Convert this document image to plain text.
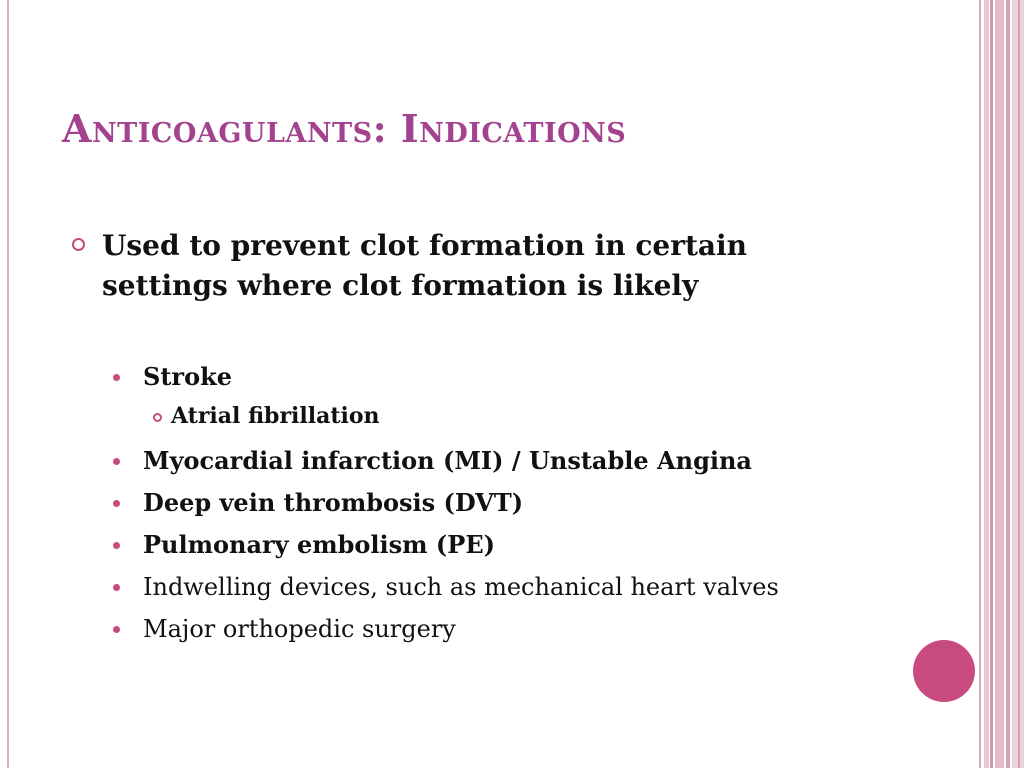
Anticoagulants: Indications
Used to prevent clot formation in certain settings where clot formation is likely
Stroke
Atrial fibrillation
Myocardial infarction (MI) / Unstable Angina
Deep vein thrombosis (DVT)
Pulmonary embolism (PE)
Indwelling devices, such as mechanical heart valves
Major orthopedic surgery
